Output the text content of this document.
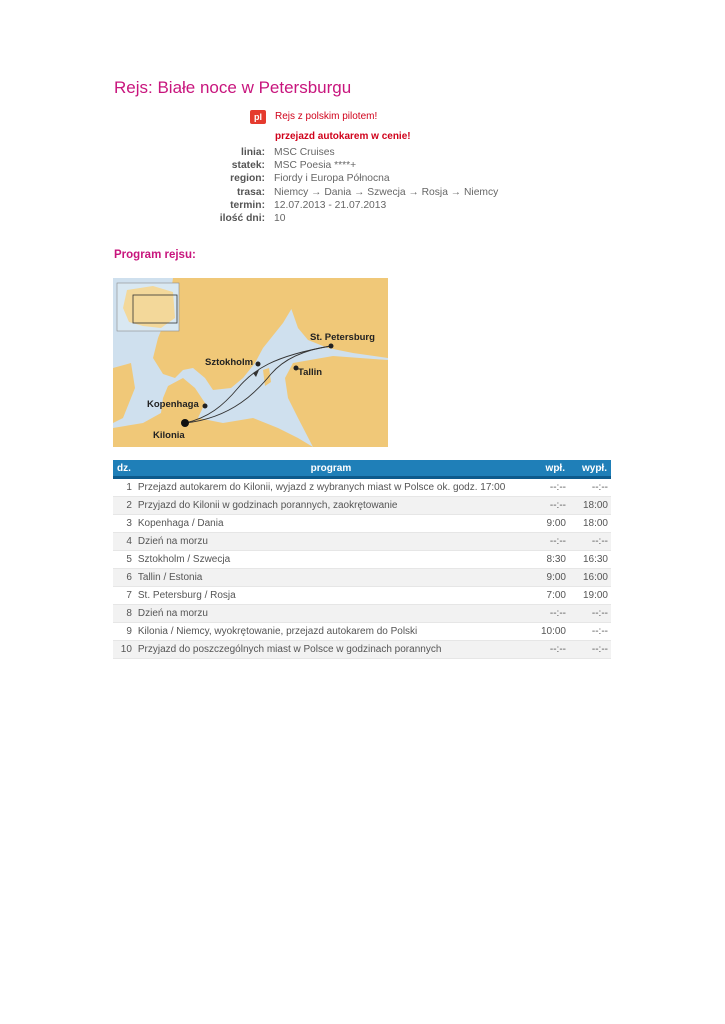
Rejs: Białe noce w Petersburgu
pl	Rejs z polskim pilotem!
przejazd autokarem w cenie!
linia: MSC Cruises
statek: MSC Poesia ****+
region: Fiordy i Europa Północna
trasa: Niemcy → Dania → Szwecja → Rosja → Niemcy
termin: 12.07.2013 - 21.07.2013
ilość dni: 10
Program rejsu:
St. Petersburg
Sztokholm
Tallin
Kopenhaga
Kilonia
dz.	program	wpł.	wypł.
1	Przejazd autokarem do Kilonii, wyjazd z wybranych miast w Polsce ok. godz. 17:00	--:--	--:--
2	Przyjazd do Kilonii w godzinach porannych, zaokrętowanie	--:--	18:00
3	Kopenhaga / Dania	9:00	18:00
4	Dzień na morzu	--:--	--:--
5	Sztokholm / Szwecja	8:30	16:30
6	Tallin / Estonia	9:00	16:00
7	St. Petersburg / Rosja	7:00	19:00
8	Dzień na morzu	--:--	--:--
9	Kilonia / Niemcy, wyokrętowanie, przejazd autokarem do Polski	10:00	--:--
10	Przyjazd do poszczególnych miast w Polsce w godzinach porannych	--:--	--:--
